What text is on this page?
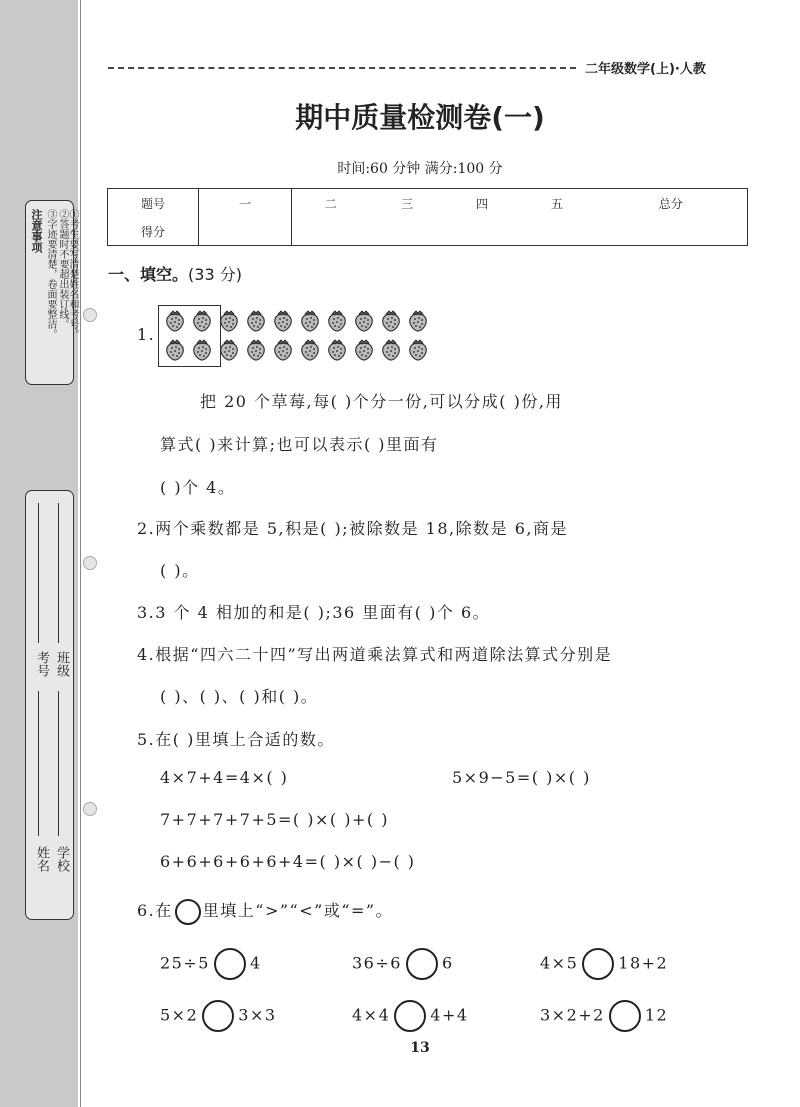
注意事项 ③字迹要清楚，卷面要整洁。 ②答题时不要超出装订线。 ①考生要写清楚姓名和考号。
考号 班级
姓名 学校
二年级数学(上)·人教
期中质量检测卷(一)
时间:60 分钟 满分:100 分
题号	一	二	三	四	五	总分
得分						
一、填空。(33 分)
1.
把 20 个草莓,每( )个分一份,可以分成( )份,用
算式( )来计算;也可以表示( )里面有
( )个 4。
2.两个乘数都是 5,积是( );被除数是 18,除数是 6,商是
( )。
3.3 个 4 相加的和是( );36 里面有( )个 6。
4.根据“四六二十四”写出两道乘法算式和两道除法算式分别是
( )、( )、( )和( )。
5.在( )里填上合适的数。
4×7+4=4×( )	5×9−5=( )×( )
7+7+7+7+5=( )×( )+( )
6+6+6+6+6+4=( )×( )−( )
6.在 里填上“>”“<”或“=”。
25÷5	4	36÷6	6	4×5	18+2
5×2	3×3	4×4	4+4	3×2+2	12
13
